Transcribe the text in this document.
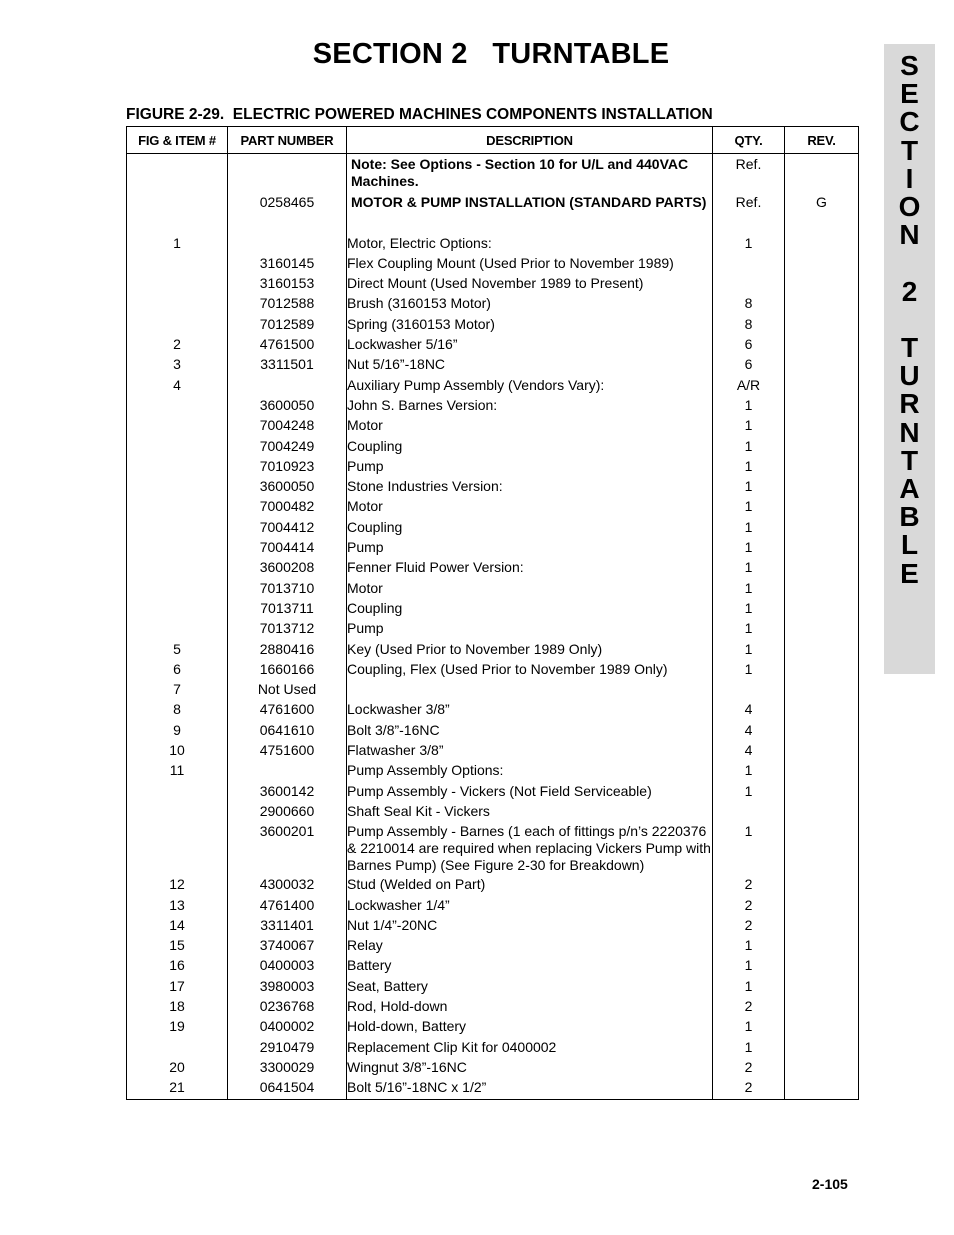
SECTION 2   TURNTABLE	S
E
C
T
I
O
N

2

T
U
R
N
T
A
B
L
E
FIGURE 2-29.  ELECTRIC POWERED MACHINES COMPONENTS INSTALLATION
FIG & ITEM #	PART NUMBER	DESCRIPTION	QTY.	REV.
		Note: See Options - Section 10 for U/L and 440VAC Machines.	Ref.	
	0258465	MOTOR & PUMP INSTALLATION (STANDARD PARTS)	Ref.	G

1		Motor, Electric Options:	1	
	3160145	Flex Coupling Mount (Used Prior to November 1989)		
	3160153	Direct Mount (Used November 1989 to Present)		
	7012588	Brush (3160153 Motor)	8	
	7012589	Spring (3160153 Motor)	8	
2	4761500	Lockwasher 5/16”	6	
3	3311501	Nut 5/16”-18NC	6	
4		Auxiliary Pump Assembly (Vendors Vary):	A/R	
	3600050	John S. Barnes Version:	1	
	7004248	Motor	1	
	7004249	Coupling	1	
	7010923	Pump	1	
	3600050	Stone Industries Version:	1	
	7000482	Motor	1	
	7004412	Coupling	1	
	7004414	Pump	1	
	3600208	Fenner Fluid Power Version:	1	
	7013710	Motor	1	
	7013711	Coupling	1	
	7013712	Pump	1	
5	2880416	Key (Used Prior to November 1989 Only)	1	
6	1660166	Coupling, Flex (Used Prior to November 1989 Only)	1	
7	Not Used			
8	4761600	Lockwasher 3/8”	4	
9	0641610	Bolt 3/8”-16NC	4	
10	4751600	Flatwasher 3/8”	4	
11		Pump Assembly Options:	1	
	3600142	Pump Assembly - Vickers (Not Field Serviceable)	1	
	2900660	Shaft Seal Kit - Vickers		
	3600201	Pump Assembly - Barnes (1 each of fittings p/n’s 2220376 & 2210014 are required when replacing Vickers Pump with Barnes Pump) (See Figure 2-30 for Breakdown)	1	
12	4300032	Stud (Welded on Part)	2	
13	4761400	Lockwasher 1/4”	2	
14	3311401	Nut 1/4”-20NC	2	
15	3740067	Relay	1	
16	0400003	Battery	1	
17	3980003	Seat, Battery	1	
18	0236768	Rod, Hold-down	2	
19	0400002	Hold-down, Battery	1	
	2910479	Replacement Clip Kit for 0400002	1	
20	3300029	Wingnut 3/8”-16NC	2	
21	0641504	Bolt 5/16”-18NC x 1/2”	2	
2-105
